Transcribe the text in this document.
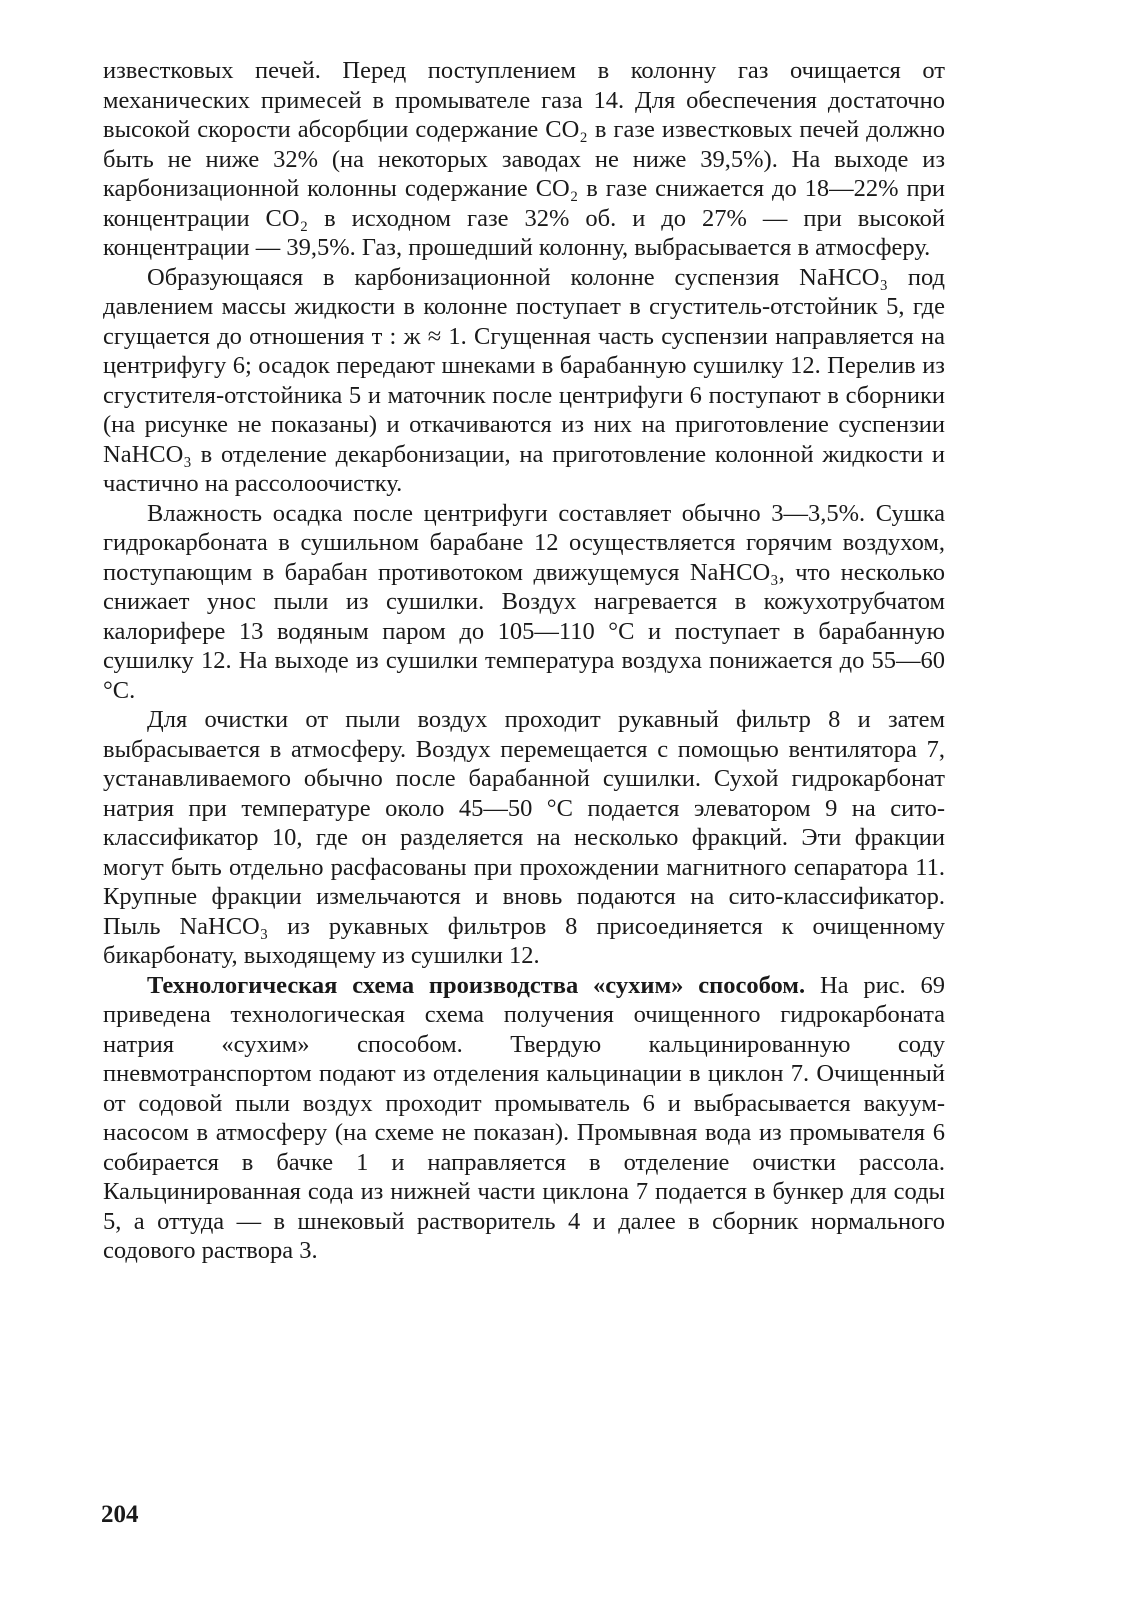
известковых печей. Перед поступлением в колонну газ очищается от механических примесей в промывателе газа 14. Для обеспечения достаточно высокой скорости абсорбции содержание CO₂ в газе известковых печей должно быть не ниже 32% (на некоторых заводах не ниже 39,5%). На выходе из карбонизационной колонны содержание CO₂ в газе снижается до 18—22% при концентрации CO₂ в исходном газе 32% об. и до 27% — при высокой концентрации — 39,5%. Газ, прошедший колонну, выбрасывается в атмосферу.

Образующаяся в карбонизационной колонне суспензия NaHCO₃ под давлением массы жидкости в колонне поступает в сгуститель-отстойник 5, где сгущается до отношения т : ж ≈ 1. Сгущенная часть суспензии направляется на центрифугу 6; осадок передают шнеками в барабанную сушилку 12. Перелив из сгустителя-отстойника 5 и маточник после центрифуги 6 поступают в сборники (на рисунке не показаны) и откачиваются из них на приготовление суспензии NaHCO₃ в отделение декарбонизации, на приготовление колонной жидкости и частично на рассолоочистку.

Влажность осадка после центрифуги составляет обычно 3—3,5%. Сушка гидрокарбоната в сушильном барабане 12 осуществляется горячим воздухом, поступающим в барабан противотоком движущемуся NaHCO₃, что несколько снижает унос пыли из сушилки. Воздух нагревается в кожухотрубчатом калорифере 13 водяным паром до 105—110 °C и поступает в барабанную сушилку 12. На выходе из сушилки температура воздуха понижается до 55—60 °C.

Для очистки от пыли воздух проходит рукавный фильтр 8 и затем выбрасывается в атмосферу. Воздух перемещается с помощью вентилятора 7, устанавливаемого обычно после барабанной сушилки. Сухой гидрокарбонат натрия при температуре около 45—50 °C подается элеватором 9 на сито-классификатор 10, где он разделяется на несколько фракций. Эти фракции могут быть отдельно расфасованы при прохождении магнитного сепаратора 11. Крупные фракции измельчаются и вновь подаются на сито-классификатор. Пыль NaHCO₃ из рукавных фильтров 8 присоединяется к очищенному бикарбонату, выходящему из сушилки 12.

Технологическая схема производства «сухим» способом. На рис. 69 приведена технологическая схема получения очищенного гидрокарбоната натрия «сухим» способом. Твердую кальцинированную соду пневмотранспортом подают из отделения кальцинации в циклон 7. Очищенный от содовой пыли воздух проходит промыватель 6 и выбрасывается вакуум-насосом в атмосферу (на схеме не показан). Промывная вода из промывателя 6 собирается в бачке 1 и направляется в отделение очистки рассола. Кальцинированная сода из нижней части циклона 7 подается в бункер для соды 5, а оттуда — в шнековый растворитель 4 и далее в сборник нормального содового раствора 3.

204
